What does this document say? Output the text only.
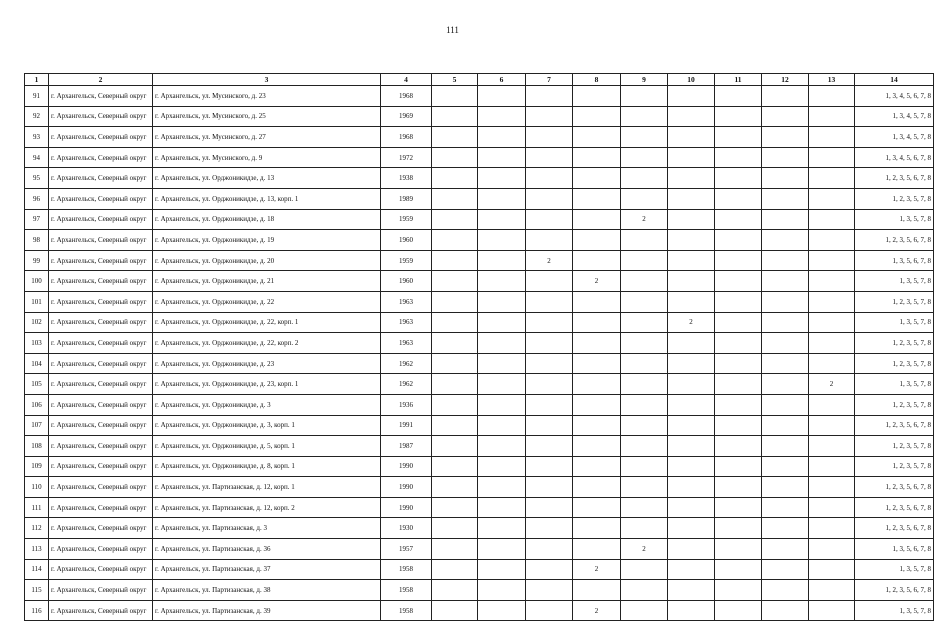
111
1	2	3	4	5	6	7	8	9	10	11	12	13	14
91	г. Архангельск, Северный округ	г. Архангельск, ул. Мусинского, д. 23	1968										1, 3, 4, 5, 6, 7, 8
92	г. Архангельск, Северный округ	г. Архангельск, ул. Мусинского, д. 25	1969										1, 3, 4, 5, 7, 8
93	г. Архангельск, Северный округ	г. Архангельск, ул. Мусинского, д. 27	1968										1, 3, 4, 5, 7, 8
94	г. Архангельск, Северный округ	г. Архангельск, ул. Мусинского, д. 9	1972										1, 3, 4, 5, 6, 7, 8
95	г. Архангельск, Северный округ	г. Архангельск, ул. Орджоникидзе, д. 13	1938										1, 2, 3, 5, 6, 7, 8
96	г. Архангельск, Северный округ	г. Архангельск, ул. Орджоникидзе, д. 13, корп. 1	1989										1, 2, 3, 5, 7, 8
97	г. Архангельск, Северный округ	г. Архангельск, ул. Орджоникидзе, д. 18	1959					2					1, 3, 5, 7, 8
98	г. Архангельск, Северный округ	г. Архангельск, ул. Орджоникидзе, д. 19	1960										1, 2, 3, 5, 6, 7, 8
99	г. Архангельск, Северный округ	г. Архангельск, ул. Орджоникидзе, д. 20	1959			2							1, 3, 5, 6, 7, 8
100	г. Архангельск, Северный округ	г. Архангельск, ул. Орджоникидзе, д. 21	1960				2						1, 3, 5, 7, 8
101	г. Архангельск, Северный округ	г. Архангельск, ул. Орджоникидзе, д. 22	1963										1, 2, 3, 5, 7, 8
102	г. Архангельск, Северный округ	г. Архангельск, ул. Орджоникидзе, д. 22, корп. 1	1963						2				1, 3, 5, 7, 8
103	г. Архангельск, Северный округ	г. Архангельск, ул. Орджоникидзе, д. 22, корп. 2	1963										1, 2, 3, 5, 7, 8
104	г. Архангельск, Северный округ	г. Архангельск, ул. Орджоникидзе, д. 23	1962										1, 2, 3, 5, 7, 8
105	г. Архангельск, Северный округ	г. Архангельск, ул. Орджоникидзе, д. 23, корп. 1	1962									2	1, 3, 5, 7, 8
106	г. Архангельск, Северный округ	г. Архангельск, ул. Орджоникидзе, д. 3	1936										1, 2, 3, 5, 7, 8
107	г. Архангельск, Северный округ	г. Архангельск, ул. Орджоникидзе, д. 3, корп. 1	1991										1, 2, 3, 5, 6, 7, 8
108	г. Архангельск, Северный округ	г. Архангельск, ул. Орджоникидзе, д. 5, корп. 1	1987										1, 2, 3, 5, 7, 8
109	г. Архангельск, Северный округ	г. Архангельск, ул. Орджоникидзе, д. 8, корп. 1	1990										1, 2, 3, 5, 7, 8
110	г. Архангельск, Северный округ	г. Архангельск, ул. Партизанская, д. 12, корп. 1	1990										1, 2, 3, 5, 6, 7, 8
111	г. Архангельск, Северный округ	г. Архангельск, ул. Партизанская, д. 12, корп. 2	1990										1, 2, 3, 5, 6, 7, 8
112	г. Архангельск, Северный округ	г. Архангельск, ул. Партизанская, д. 3	1930										1, 2, 3, 5, 6, 7, 8
113	г. Архангельск, Северный округ	г. Архангельск, ул. Партизанская, д. 36	1957					2					1, 3, 5, 6, 7, 8
114	г. Архангельск, Северный округ	г. Архангельск, ул. Партизанская, д. 37	1958				2						1, 3, 5, 7, 8
115	г. Архангельск, Северный округ	г. Архангельск, ул. Партизанская, д. 38	1958										1, 2, 3, 5, 6, 7, 8
116	г. Архангельск, Северный округ	г. Архангельск, ул. Партизанская, д. 39	1958				2						1, 3, 5, 7, 8
